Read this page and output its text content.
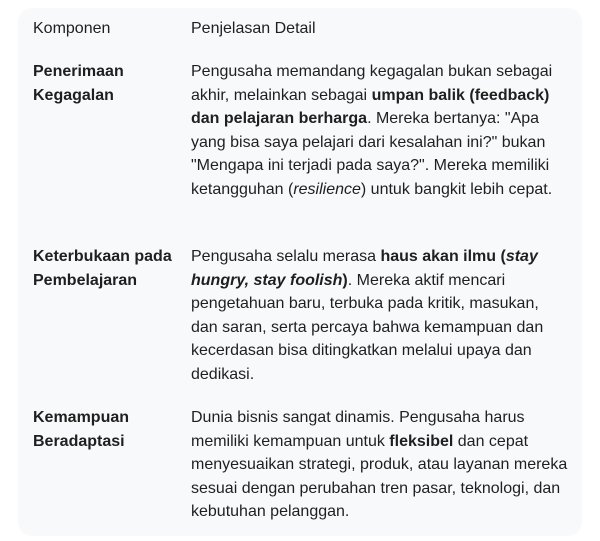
Komponen	Penjelasan Detail
Penerimaan Kegagalan
Pengusaha memandang kegagalan bukan sebagai akhir, melainkan sebagai umpan balik (feedback) dan pelajaran berharga. Mereka bertanya: "Apa yang bisa saya pelajari dari kesalahan ini?" bukan "Mengapa ini terjadi pada saya?". Mereka memiliki ketangguhan (resilience) untuk bangkit lebih cepat.
Keterbukaan pada Pembelajaran
Pengusaha selalu merasa haus akan ilmu (stay hungry, stay foolish). Mereka aktif mencari pengetahuan baru, terbuka pada kritik, masukan, dan saran, serta percaya bahwa kemampuan dan kecerdasan bisa ditingkatkan melalui upaya dan dedikasi.
Kemampuan Beradaptasi
Dunia bisnis sangat dinamis. Pengusaha harus memiliki kemampuan untuk fleksibel dan cepat menyesuaikan strategi, produk, atau layanan mereka sesuai dengan perubahan tren pasar, teknologi, dan kebutuhan pelanggan.
